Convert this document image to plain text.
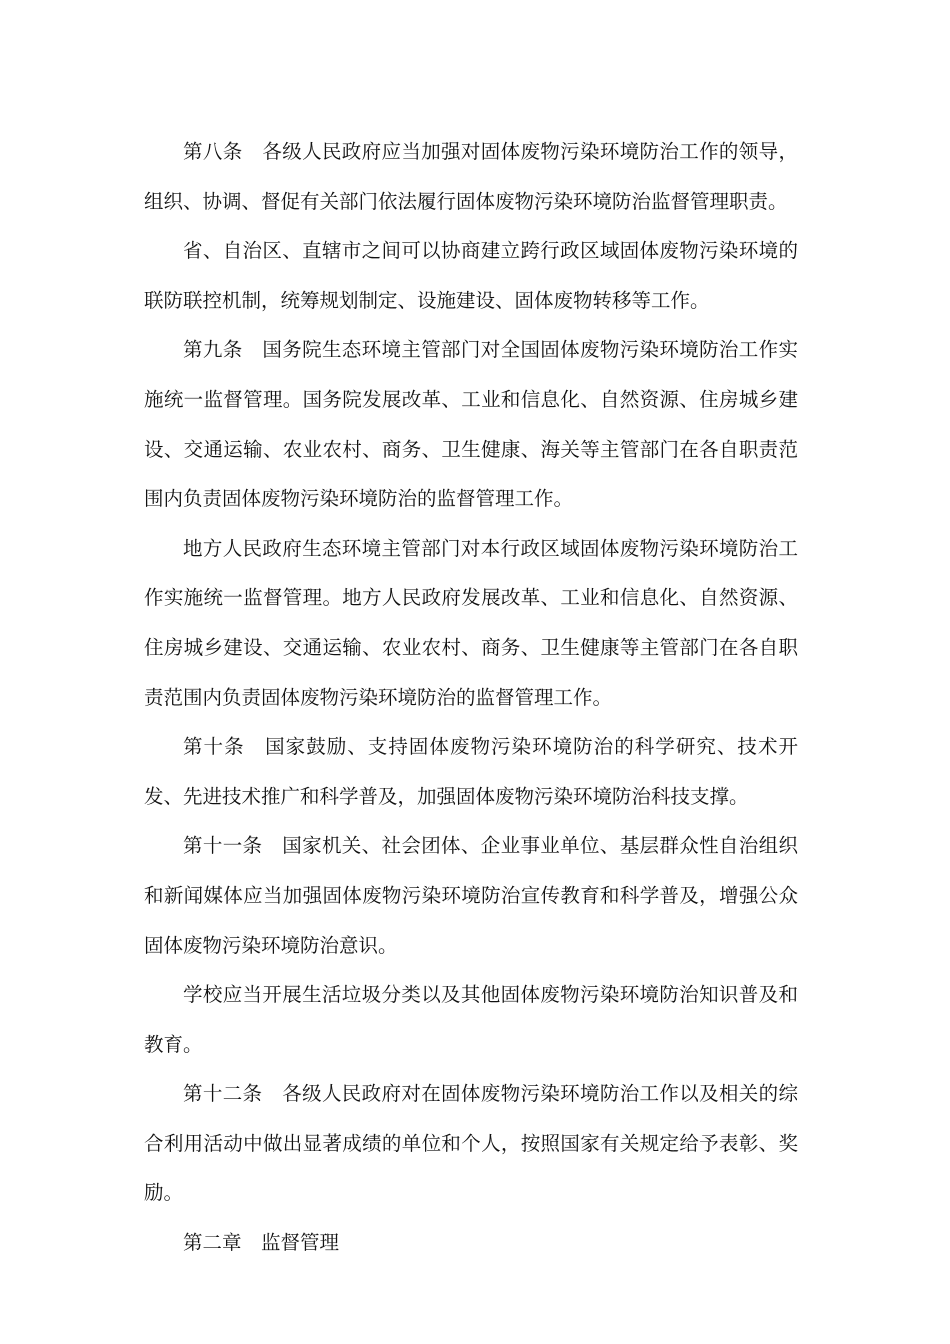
第八条　各级人民政府应当加强对固体废物污染环境防治工作的领导，组织、协调、督促有关部门依法履行固体废物污染环境防治监督管理职责。

省、自治区、直辖市之间可以协商建立跨行政区域固体废物污染环境的联防联控机制，统筹规划制定、设施建设、固体废物转移等工作。

第九条　国务院生态环境主管部门对全国固体废物污染环境防治工作实施统一监督管理。国务院发展改革、工业和信息化、自然资源、住房城乡建设、交通运输、农业农村、商务、卫生健康、海关等主管部门在各自职责范围内负责固体废物污染环境防治的监督管理工作。

地方人民政府生态环境主管部门对本行政区域固体废物污染环境防治工作实施统一监督管理。地方人民政府发展改革、工业和信息化、自然资源、住房城乡建设、交通运输、农业农村、商务、卫生健康等主管部门在各自职责范围内负责固体废物污染环境防治的监督管理工作。

第十条　国家鼓励、支持固体废物污染环境防治的科学研究、技术开发、先进技术推广和科学普及，加强固体废物污染环境防治科技支撑。

第十一条　国家机关、社会团体、企业事业单位、基层群众性自治组织和新闻媒体应当加强固体废物污染环境防治宣传教育和科学普及，增强公众固体废物污染环境防治意识。

学校应当开展生活垃圾分类以及其他固体废物污染环境防治知识普及和教育。

第十二条　各级人民政府对在固体废物污染环境防治工作以及相关的综合利用活动中做出显著成绩的单位和个人，按照国家有关规定给予表彰、奖励。

第二章　监督管理
